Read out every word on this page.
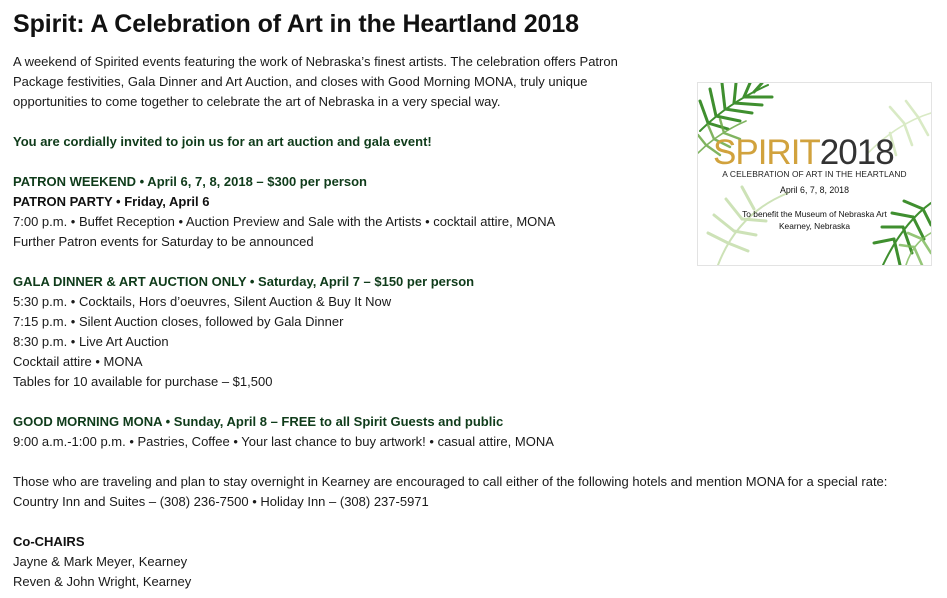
Spirit: A Celebration of Art in the Heartland 2018

A weekend of Spirited events featuring the work of Nebraska’s finest artists. The celebration offers Patron

Package festivities, Gala Dinner and Art Auction, and closes with Good Morning MONA, truly unique

opportunities to come together to celebrate the art of Nebraska in a very special way.

You are cordially invited to join us for an art auction and gala event!

PATRON WEEKEND • April 6, 7, 8, 2018 – $300 per person

PATRON PARTY • Friday, April 6

7:00 p.m. • Buffet Reception • Auction Preview and Sale with the Artists • cocktail attire, MONA

Further Patron events for Saturday to be announced

GALA DINNER & ART AUCTION ONLY • Saturday, April 7 – $150 per person

5:30 p.m. • Cocktails, Hors d’oeuvres, Silent Auction & Buy It Now

7:15 p.m. • Silent Auction closes, followed by Gala Dinner

8:30 p.m. • Live Art Auction

Cocktail attire • MONA

Tables for 10 available for purchase – $1,500

GOOD MORNING MONA • Sunday, April 8 – FREE to all Spirit Guests and public

9:00 a.m.-1:00 p.m. • Pastries, Coffee • Your last chance to buy artwork! • casual attire, MONA

Those who are traveling and plan to stay overnight in Kearney are encouraged to call either of the following hotels and mention MONA for a special rate:

Country Inn and Suites – (308) 236-7500 • Holiday Inn – (308) 237-5971

Co-CHAIRS

Jayne & Mark Meyer, Kearney

Reven & John Wright, Kearney

SPIRIT2018
A CELEBRATION OF ART IN THE HEARTLAND
April 6, 7, 8, 2018
To benefit the Museum of Nebraska Art
Kearney, Nebraska
